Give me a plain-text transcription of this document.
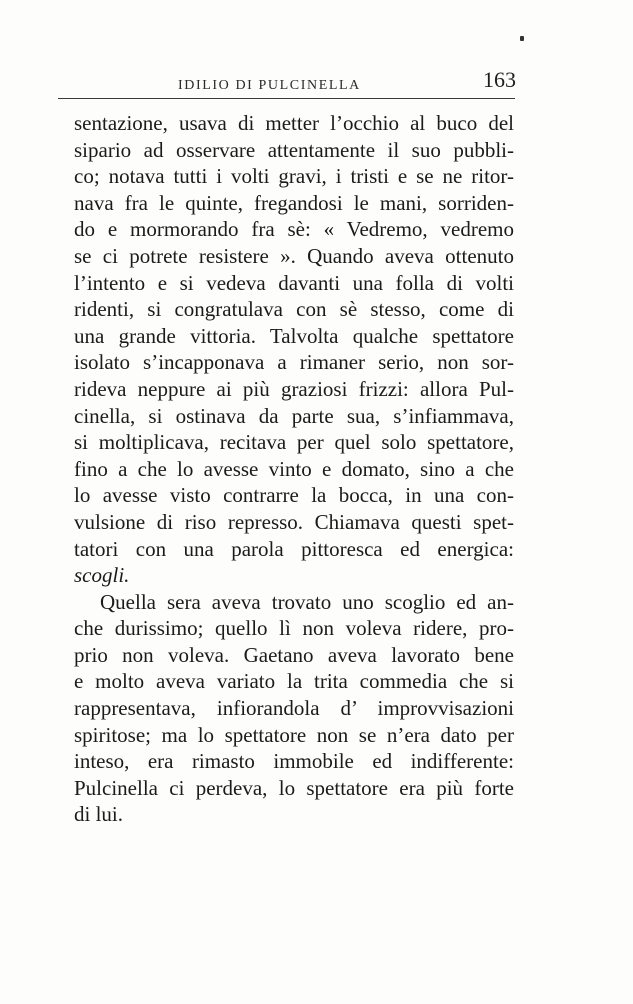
IDILIO DI PULCINELLA	163
sentazione, usava di metter l’occhio al buco del
sipario ad osservare attentamente il suo pubbli-
co; notava tutti i volti gravi, i tristi e se ne ritor-
nava fra le quinte, fregandosi le mani, sorriden-
do e mormorando fra sè: « Vedremo, vedremo
se ci potrete resistere ». Quando aveva ottenuto
l’intento e si vedeva davanti una folla di volti
ridenti, si congratulava con sè stesso, come di
una grande vittoria. Talvolta qualche spettatore
isolato s’incapponava a rimaner serio, non sor-
rideva neppure ai più graziosi frizzi: allora Pul-
cinella, si ostinava da parte sua, s’infiammava,
si moltiplicava, recitava per quel solo spettatore,
fino a che lo avesse vinto e domato, sino a che
lo avesse visto contrarre la bocca, in una con-
vulsione di riso represso. Chiamava questi spet-
tatori con una parola pittoresca ed energica:
scogli.
Quella sera aveva trovato uno scoglio ed an-
che durissimo; quello lì non voleva ridere, pro-
prio non voleva. Gaetano aveva lavorato bene
e molto aveva variato la trita commedia che si
rappresentava, infiorandola d’ improvvisazioni
spiritose; ma lo spettatore non se n’era dato per
inteso, era rimasto immobile ed indifferente:
Pulcinella ci perdeva, lo spettatore era più forte
di lui.
